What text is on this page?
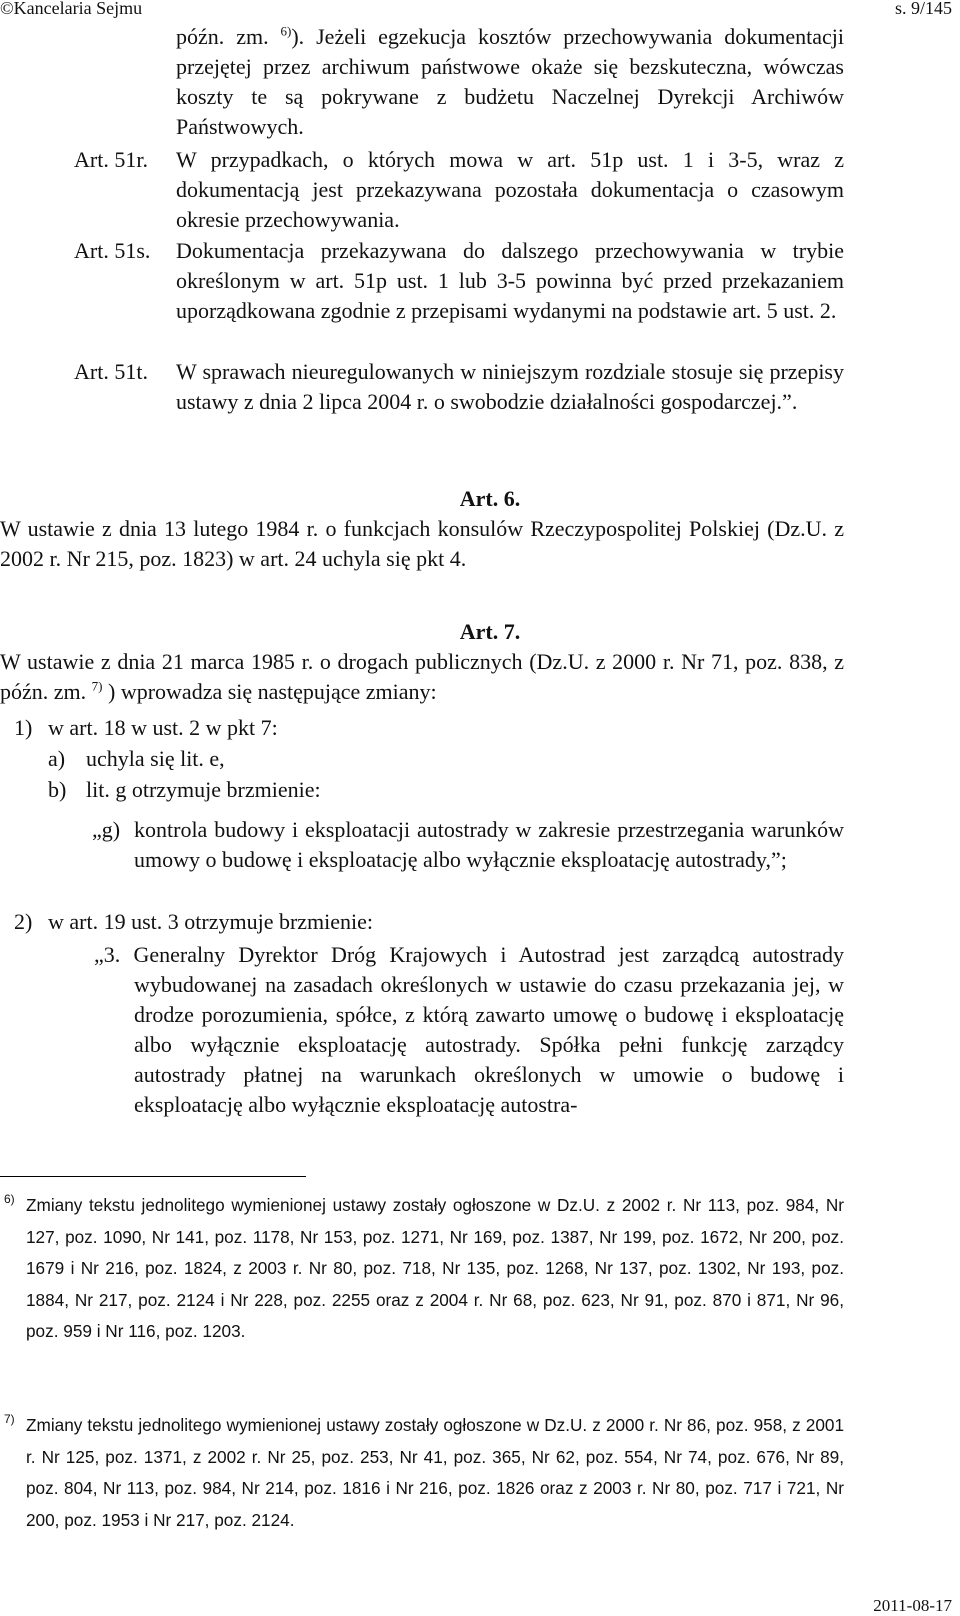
©Kancelaria Sejmu	s. 9/145
późn. zm. $^{6)}$). Jeżeli egzekucja kosztów przechowywania dokumentacji przejętej przez archiwum państwowe okaże się bezskuteczna, wówczas koszty te są pokrywane z budżetu Naczelnej Dyrekcji Archiwów Państwowych.
Art. 51r. W przypadkach, o których mowa w art. 51p ust. 1 i 3-5, wraz z dokumentacją jest przekazywana pozostała dokumentacja o czasowym okresie przechowywania.
Art. 51s. Dokumentacja przekazywana do dalszego przechowywania w trybie określonym w art. 51p ust. 1 lub 3-5 powinna być przed przekazaniem uporządkowana zgodnie z przepisami wydanymi na podstawie art. 5 ust. 2.
Art. 51t. W sprawach nieuregulowanych w niniejszym rozdziale stosuje się przepisy ustawy z dnia 2 lipca 2004 r. o swobodzie działalności gospodarczej.”.
Art. 6.
W ustawie z dnia 13 lutego 1984 r. o funkcjach konsulów Rzeczypospolitej Polskiej (Dz.U. z 2002 r. Nr 215, poz. 1823) w art. 24 uchyla się pkt 4.
Art. 7.
W ustawie z dnia 21 marca 1985 r. o drogach publicznych (Dz.U. z 2000 r. Nr 71, poz. 838, z późn. zm. $^{7)}$ ) wprowadza się następujące zmiany:
1) w art. 18 w ust. 2 w pkt 7:
a) uchyla się lit. e,
b) lit. g otrzymuje brzmienie:
„g) kontrola budowy i eksploatacji autostrady w zakresie przestrzegania warunków umowy o budowę i eksploatację albo wyłącznie eksploatację autostrady,”;
2) w art. 19 ust. 3 otrzymuje brzmienie:
„3. Generalny Dyrektor Dróg Krajowych i Autostrad jest zarządcą autostrady wybudowanej na zasadach określonych w ustawie do czasu przekazania jej, w drodze porozumienia, spółce, z którą zawarto umowę o budowę i eksploatację albo wyłącznie eksploatację autostrady. Spółka pełni funkcję zarządcy autostrady płatnej na warunkach określonych w umowie o budowę i eksploatację albo wyłącznie eksploatację autostra-
6) Zmiany tekstu jednolitego wymienionej ustawy zostały ogłoszone w Dz.U. z 2002 r. Nr 113, poz. 984, Nr 127, poz. 1090, Nr 141, poz. 1178, Nr 153, poz. 1271, Nr 169, poz. 1387, Nr 199, poz. 1672, Nr 200, poz. 1679 i Nr 216, poz. 1824, z 2003 r. Nr 80, poz. 718, Nr 135, poz. 1268, Nr 137, poz. 1302, Nr 193, poz. 1884, Nr 217, poz. 2124 i Nr 228, poz. 2255 oraz z 2004 r. Nr 68, poz. 623, Nr 91, poz. 870 i 871, Nr 96, poz. 959 i Nr 116, poz. 1203.
7) Zmiany tekstu jednolitego wymienionej ustawy zostały ogłoszone w Dz.U. z 2000 r. Nr 86, poz. 958, z 2001 r. Nr 125, poz. 1371, z 2002 r. Nr 25, poz. 253, Nr 41, poz. 365, Nr 62, poz. 554, Nr 74, poz. 676, Nr 89, poz. 804, Nr 113, poz. 984, Nr 214, poz. 1816 i Nr 216, poz. 1826 oraz z 2003 r. Nr 80, poz. 717 i 721, Nr 200, poz. 1953 i Nr 217, poz. 2124.
2011-08-17
